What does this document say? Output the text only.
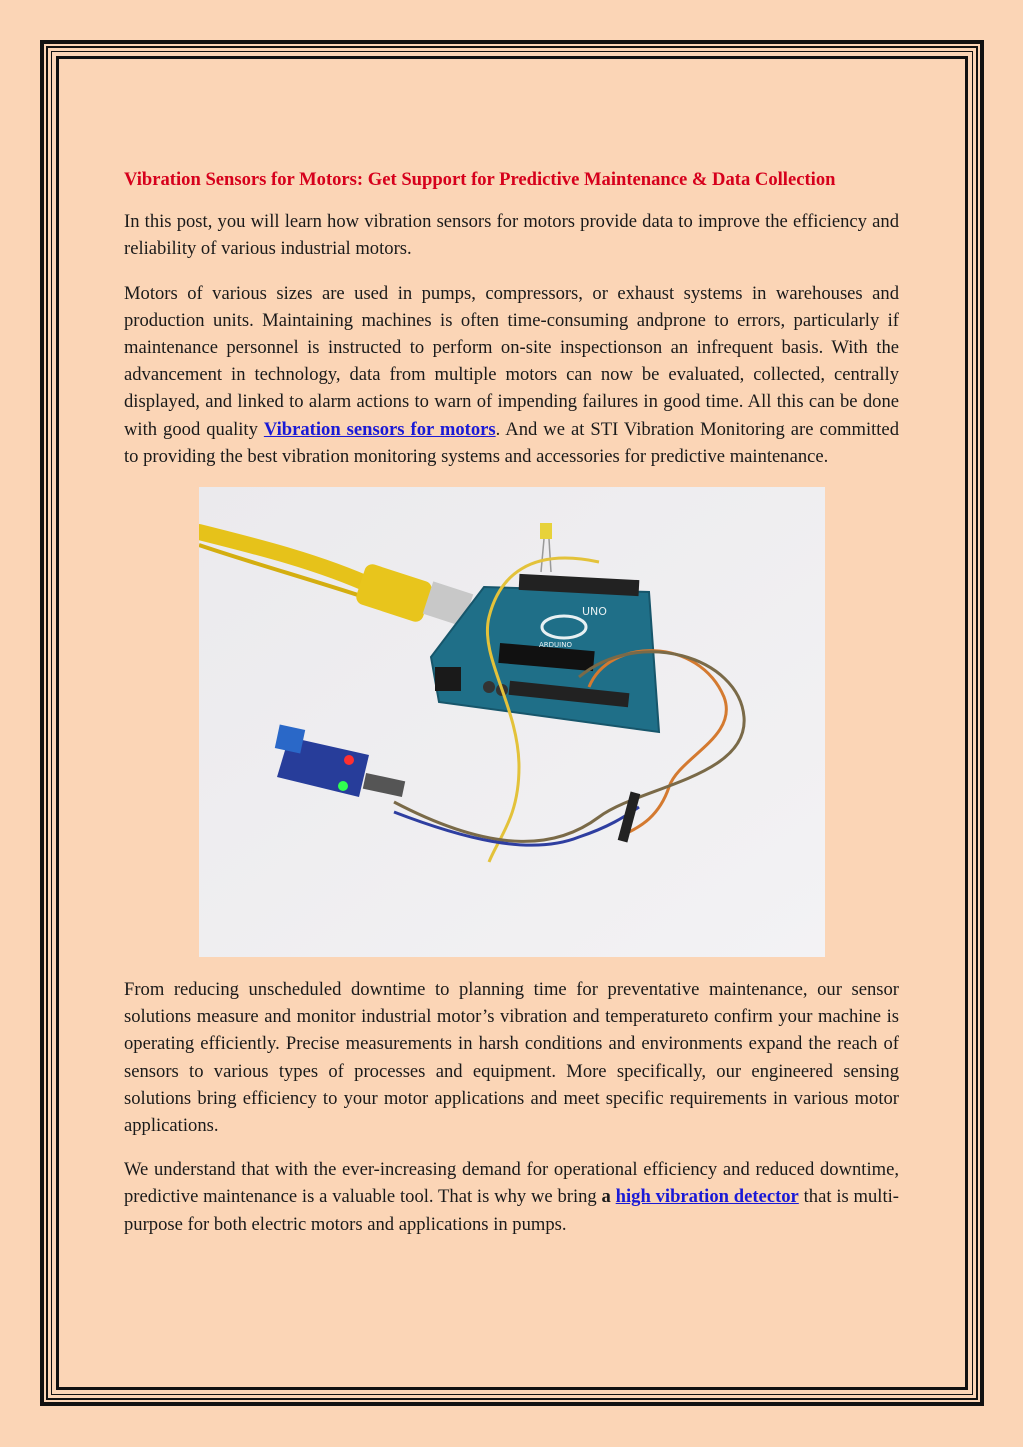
Vibration Sensors for Motors: Get Support for Predictive Maintenance & Data Collection

In this post, you will learn how vibration sensors for motors provide data to improve the efficiency and reliability of various industrial motors.

Motors of various sizes are used in pumps, compressors, or exhaust systems in warehouses and production units. Maintaining machines is often time-consuming andprone to errors, particularly if maintenance personnel is instructed to perform on-site inspectionson an infrequent basis. With the advancement in technology, data from multiple motors can now be evaluated, collected, centrally displayed, and linked to alarm actions to warn of impending failures in good time. All this can be done with good quality Vibration sensors for motors. And we at STI Vibration Monitoring are committed to providing the best vibration monitoring systems and accessories for predictive maintenance.

UNO
ARDUINO

From reducing unscheduled downtime to planning time for preventative maintenance, our sensor solutions measure and monitor industrial motor’s vibration and temperatureto confirm your machine is operating efficiently. Precise measurements in harsh conditions and environments expand the reach of sensors to various types of processes and equipment. More specifically, our engineered sensing solutions bring efficiency to your motor applications and meet specific requirements in various motor applications.

We understand that with the ever-increasing demand for operational efficiency and reduced downtime, predictive maintenance is a valuable tool. That is why we bring a high vibration detector that is multi-purpose for both electric motors and applications in pumps.
